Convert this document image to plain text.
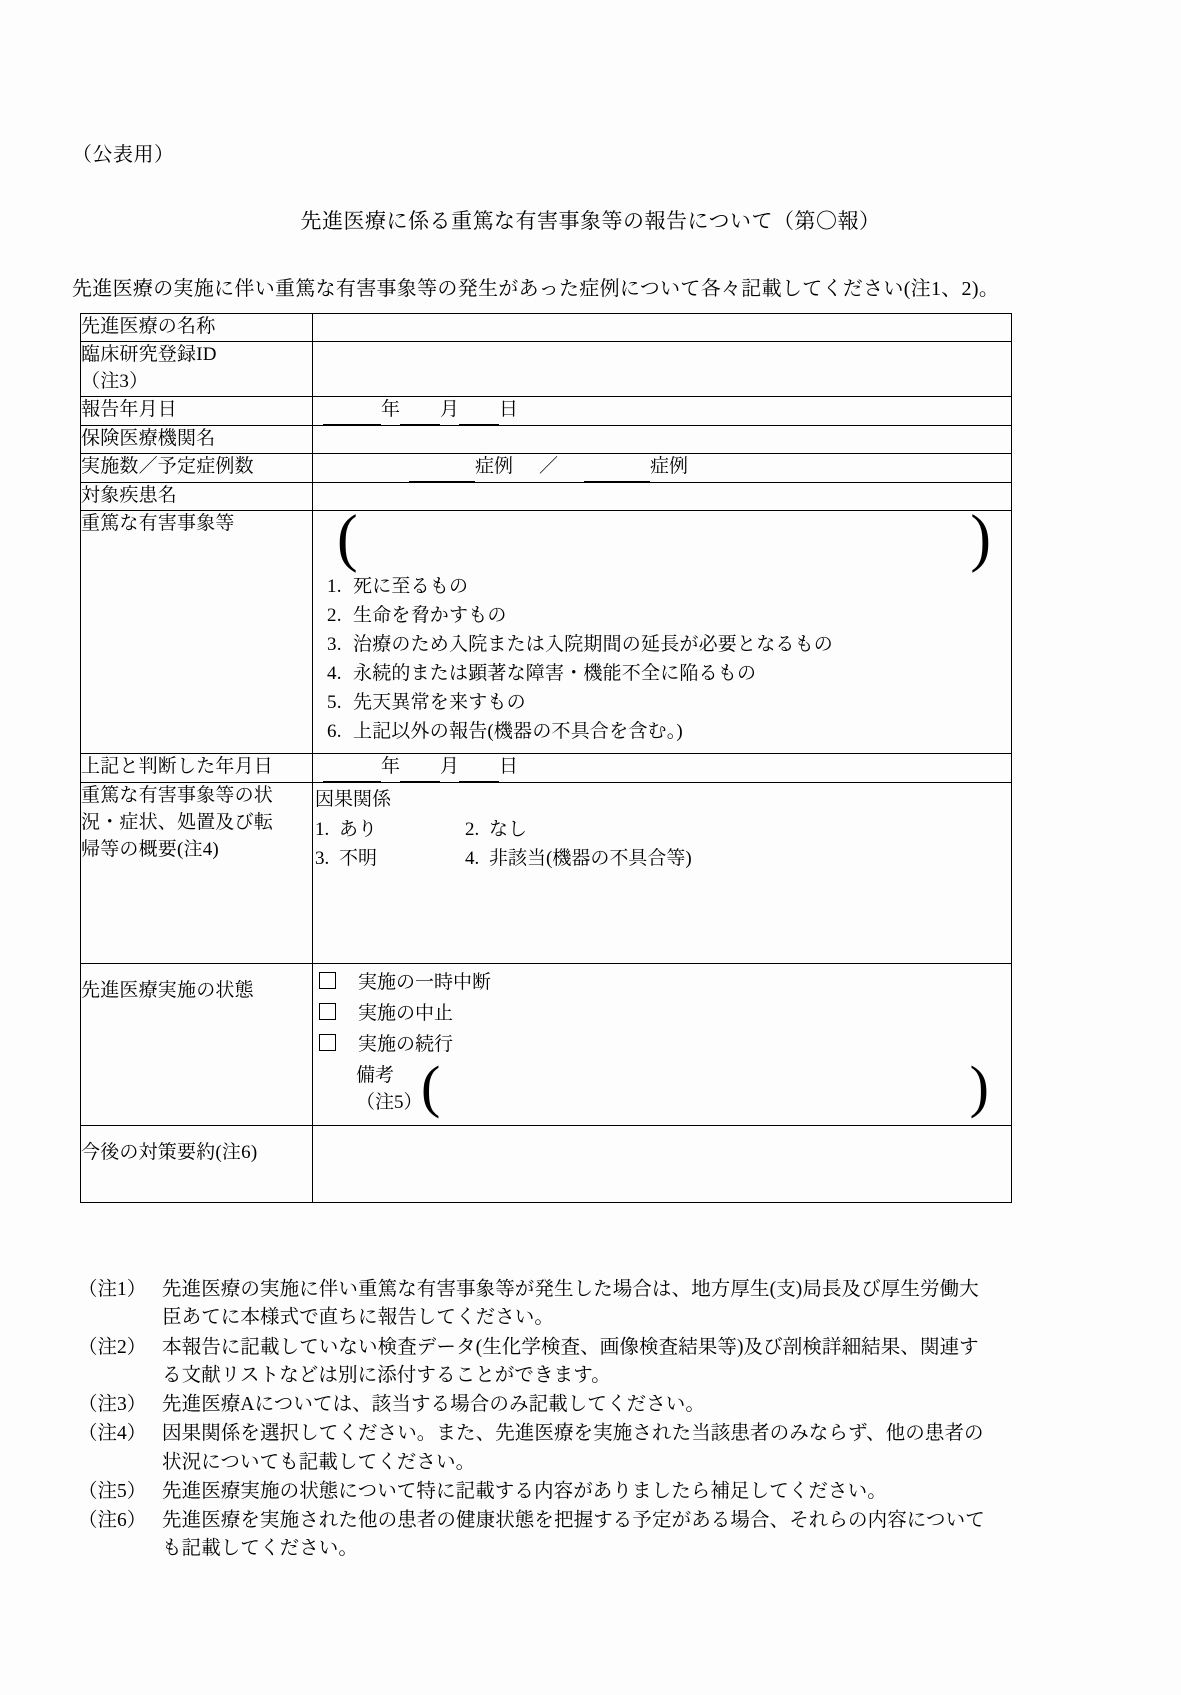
（公表用）
先進医療に係る重篤な有害事象等の報告について（第〇報）
先進医療の実施に伴い重篤な有害事象等の発生があった症例について各々記載してください(注1、2)。
先進医療の名称	

臨床研究登録ID
（注3）	

報告年月日	年 月 日

保険医療機関名	

実施数／予定症例数	症例 ／ 症例

対象疾患名	

重篤な有害事象等	(	)
1. 死に至るもの
2. 生命を脅かすもの
3. 治療のため入院または入院期間の延長が必要となるもの
4. 永続的または顕著な障害・機能不全に陥るもの
5. 先天異常を来すもの
6. 上記以外の報告(機器の不具合を含む。)

上記と判断した年月日	年 月 日

重篤な有害事象等の状
況・症状、処置及び転
帰等の概要(注4)

因果関係
1. あり	2. なし
3. 不明	4. 非該当(機器の不具合等)

先進医療実施の状態	実施の一時中断
実施の中止
実施の続行
備考
（注5）
(	)

今後の対策要約(注6)	
（注1） 先進医療の実施に伴い重篤な有害事象等が発生した場合は、地方厚生(支)局長及び厚生労働大

臣あてに本様式で直ちに報告してください。

（注2） 本報告に記載していない検査データ(生化学検査、画像検査結果等)及び剖検詳細結果、関連す

る文献リストなどは別に添付することができます。

（注3） 先進医療Aについては、該当する場合のみ記載してください。

（注4） 因果関係を選択してください。また、先進医療を実施された当該患者のみならず、他の患者の

状況についても記載してください。

（注5） 先進医療実施の状態について特に記載する内容がありましたら補足してください。

（注6） 先進医療を実施された他の患者の健康状態を把握する予定がある場合、それらの内容について

も記載してください。
